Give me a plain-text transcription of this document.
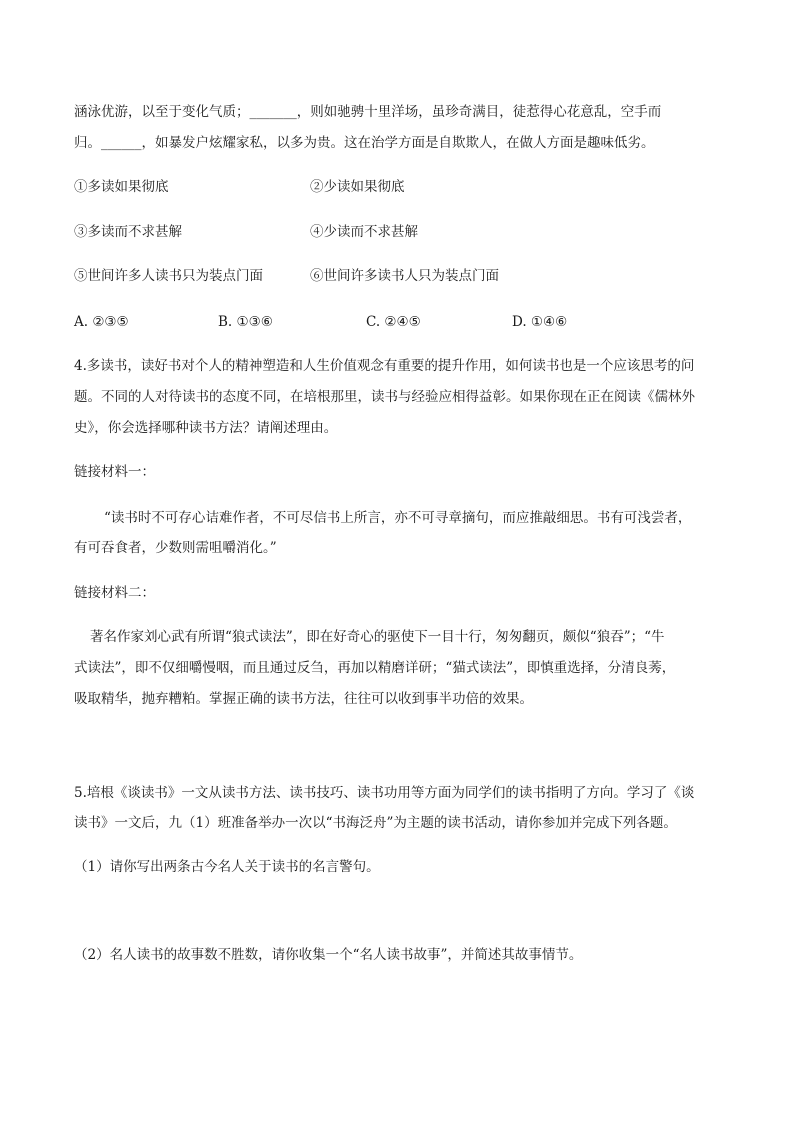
涵泳优游，以至于变化气质；_______，则如驰骋十里洋场，虽珍奇满目，徒惹得心花意乱，空手而
归。______，如暴发户炫耀家私，以多为贵。这在治学方面是自欺欺人，在做人方面是趣味低劣。
①多读如果彻底	②少读如果彻底
③多读而不求甚解	④少读而不求甚解
⑤世间许多人读书只为装点门面	⑥世间许多读书人只为装点门面
A. ②③⑤	B. ①③⑥	C. ②④⑤	D. ①④⑥
4.多读书，读好书对个人的精神塑造和人生价值观念有重要的提升作用，如何读书也是一个应该思考的问
题。不同的人对待读书的态度不同，在培根那里，读书与经验应相得益彰。如果你现在正在阅读《儒林外
史》，你会选择哪种读书方法？请阐述理由。
链接材料一：
“读书时不可存心诘难作者，不可尽信书上所言，亦不可寻章摘句，而应推敲细思。书有可浅尝者，
有可吞食者，少数则需咀嚼消化。”
链接材料二：
著名作家刘心武有所谓“狼式读法”，即在好奇心的驱使下一目十行，匆匆翻页，颇似“狼吞”；“牛
式读法”，即不仅细嚼慢咽，而且通过反刍，再加以精磨详研；“猫式读法”，即慎重选择，分清良莠，
吸取精华，抛弃糟粕。掌握正确的读书方法，往往可以收到事半功倍的效果。
5.培根《谈读书》一文从读书方法、读书技巧、读书功用等方面为同学们的读书指明了方向。学习了《谈
读书》一文后，九（1）班准备举办一次以“书海泛舟”为主题的读书活动，请你参加并完成下列各题。
（1）请你写出两条古今名人关于读书的名言警句。
（2）名人读书的故事数不胜数，请你收集一个“名人读书故事”，并简述其故事情节。
